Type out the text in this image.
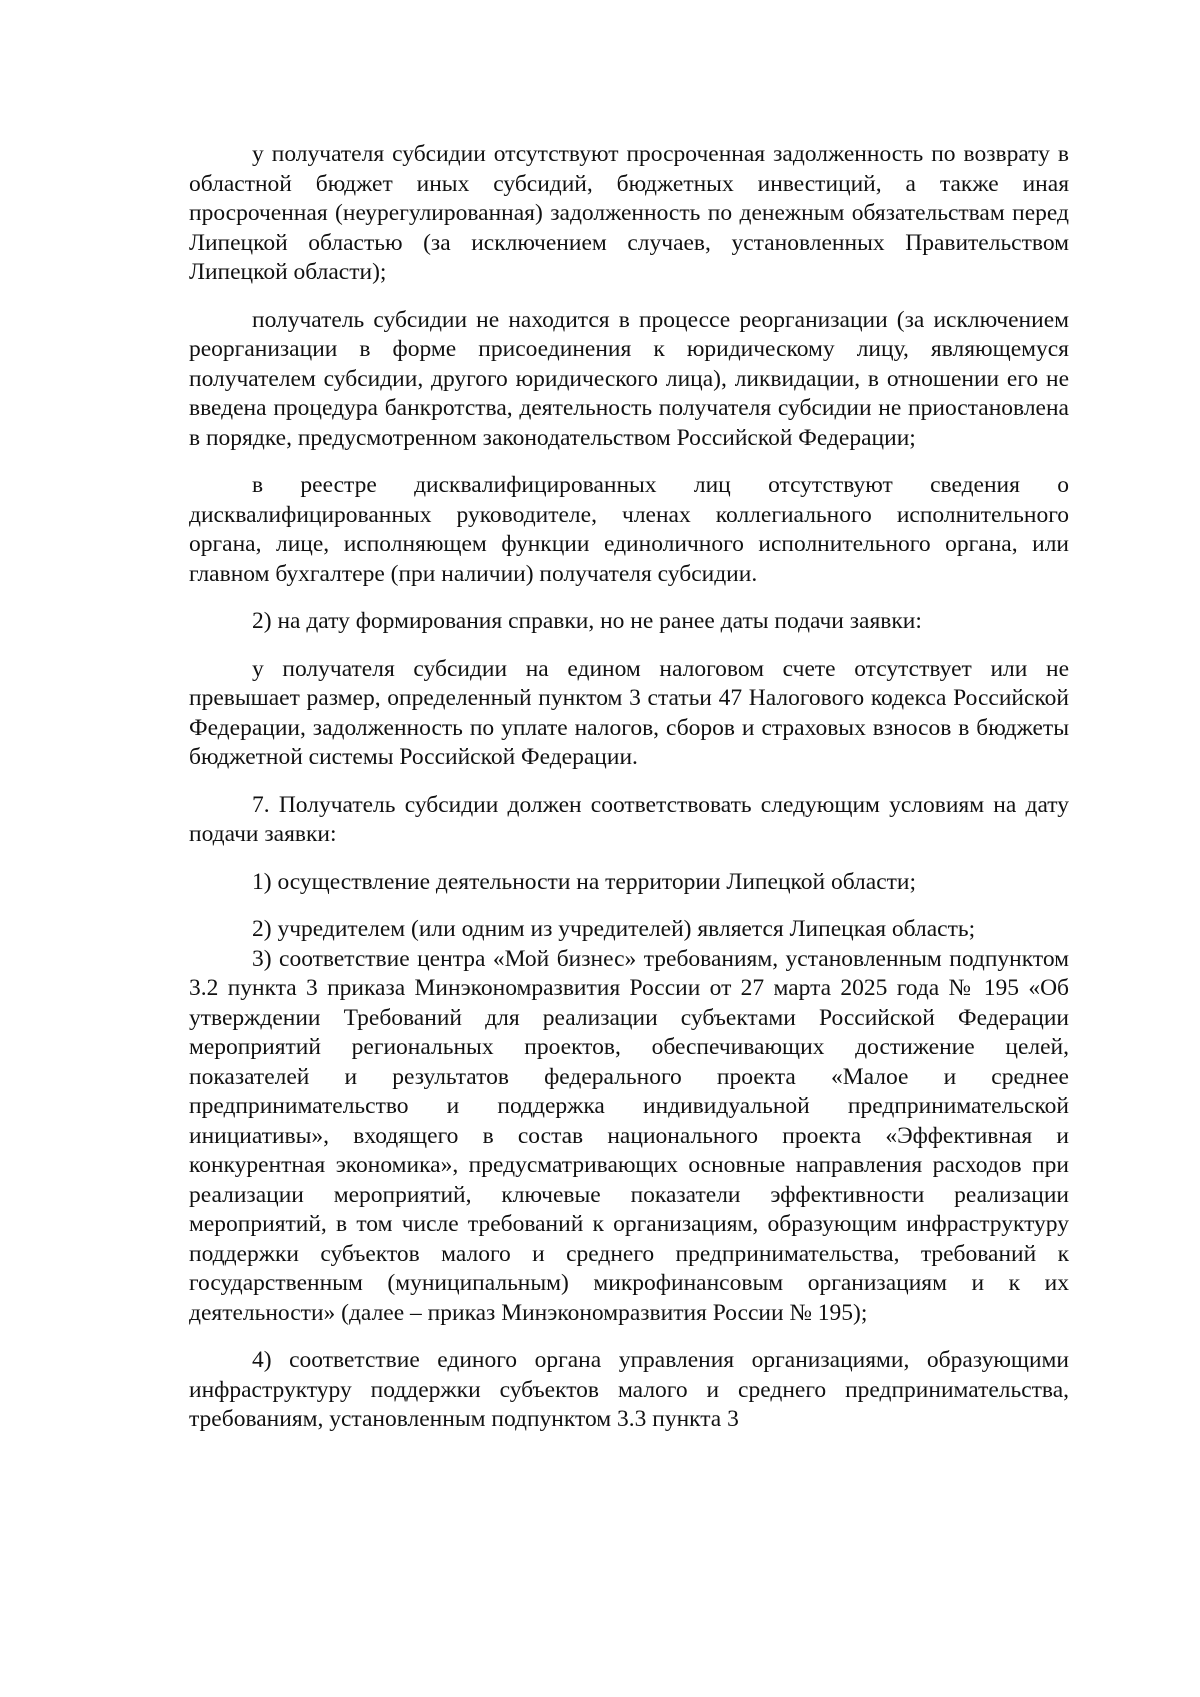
у получателя субсидии отсутствуют просроченная задолженность по возврату в областной бюджет иных субсидий, бюджетных инвестиций, а также иная просроченная (неурегулированная) задолженность по денежным обязательствам перед Липецкой областью (за исключением случаев, установленных Правительством Липецкой области);

получатель субсидии не находится в процессе реорганизации (за исключением реорганизации в форме присоединения к юридическому лицу, являющемуся получателем субсидии, другого юридического лица), ликвидации, в отношении его не введена процедура банкротства, деятельность получателя субсидии не приостановлена в порядке, предусмотренном законодательством Российской Федерации;

в реестре дисквалифицированных лиц отсутствуют сведения о дисквалифицированных руководителе, членах коллегиального исполнительного органа, лице, исполняющем функции единоличного исполнительного органа, или главном бухгалтере (при наличии) получателя субсидии.

2) на дату формирования справки, но не ранее даты подачи заявки:

у получателя субсидии на едином налоговом счете отсутствует или не превышает размер, определенный пунктом 3 статьи 47 Налогового кодекса Российской Федерации, задолженность по уплате налогов, сборов и страховых взносов в бюджеты бюджетной системы Российской Федерации.

7. Получатель субсидии должен соответствовать следующим условиям на дату подачи заявки:

1) осуществление деятельности на территории Липецкой области;

2) учредителем (или одним из учредителей) является Липецкая область;

3) соответствие центра «Мой бизнес» требованиям, установленным подпунктом 3.2 пункта 3 приказа Минэкономразвития России от 27 марта 2025 года № 195 «Об утверждении Требований для реализации субъектами Российской Федерации мероприятий региональных проектов, обеспечивающих достижение целей, показателей и результатов федерального проекта «Малое и среднее предпринимательство и поддержка индивидуальной предпринимательской инициативы», входящего в состав национального проекта «Эффективная и конкурентная экономика», предусматривающих основные направления расходов при реализации мероприятий, ключевые показатели эффективности реализации мероприятий, в том числе требований к организациям, образующим инфраструктуру поддержки субъектов малого и среднего предпринимательства, требований к государственным (муниципальным) микрофинансовым организациям и к их деятельности» (далее – приказ Минэкономразвития России № 195);

4) соответствие единого органа управления организациями, образующими инфраструктуру поддержки субъектов малого и среднего предпринимательства, требованиям, установленным подпунктом 3.3 пункта 3
